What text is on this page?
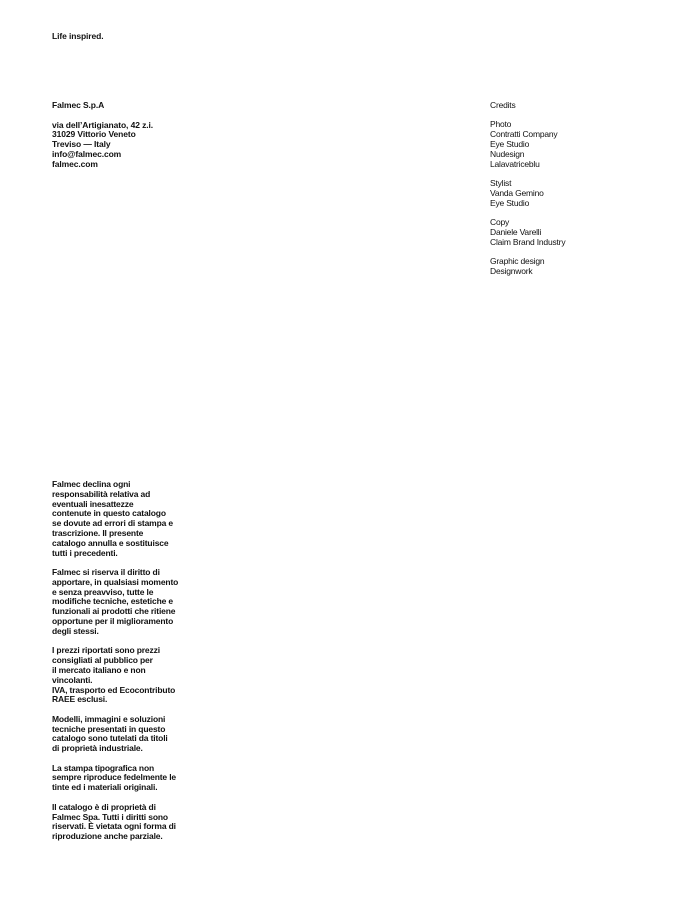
Life inspired.
Falmec S.p.A
via dell’Artigianato, 42 z.i.
31029 Vittorio Veneto
Treviso — Italy
info@falmec.com
falmec.com
Credits
Photo
Contratti Company
Eye Studio
Nudesign
Lalavatriceblu
Stylist
Vanda Gemino
Eye Studio
Copy
Daniele Varelli
Claim Brand Industry
Graphic design
Designwork
Falmec declina ogni
responsabilità relativa ad
eventuali inesattezze
contenute in questo catalogo
se dovute ad errori di stampa e
trascrizione. Il presente
catalogo annulla e sostituisce
tutti i precedenti.
Falmec si riserva il diritto di
apportare, in qualsiasi momento
e senza preavviso, tutte le
modifiche tecniche, estetiche e
funzionali ai prodotti che ritiene
opportune per il miglioramento
degli stessi.
I prezzi riportati sono prezzi
consigliati al pubblico per
il mercato italiano e non
vincolanti.
IVA, trasporto ed Ecocontributo
RAEE esclusi.
Modelli, immagini e soluzioni
tecniche presentati in questo
catalogo sono tutelati da titoli
di proprietà industriale.
La stampa tipografica non
sempre riproduce fedelmente le
tinte ed i materiali originali.
Il catalogo è di proprietà di
Falmec Spa. Tutti i diritti sono
riservati. È vietata ogni forma di
riproduzione anche parziale.
